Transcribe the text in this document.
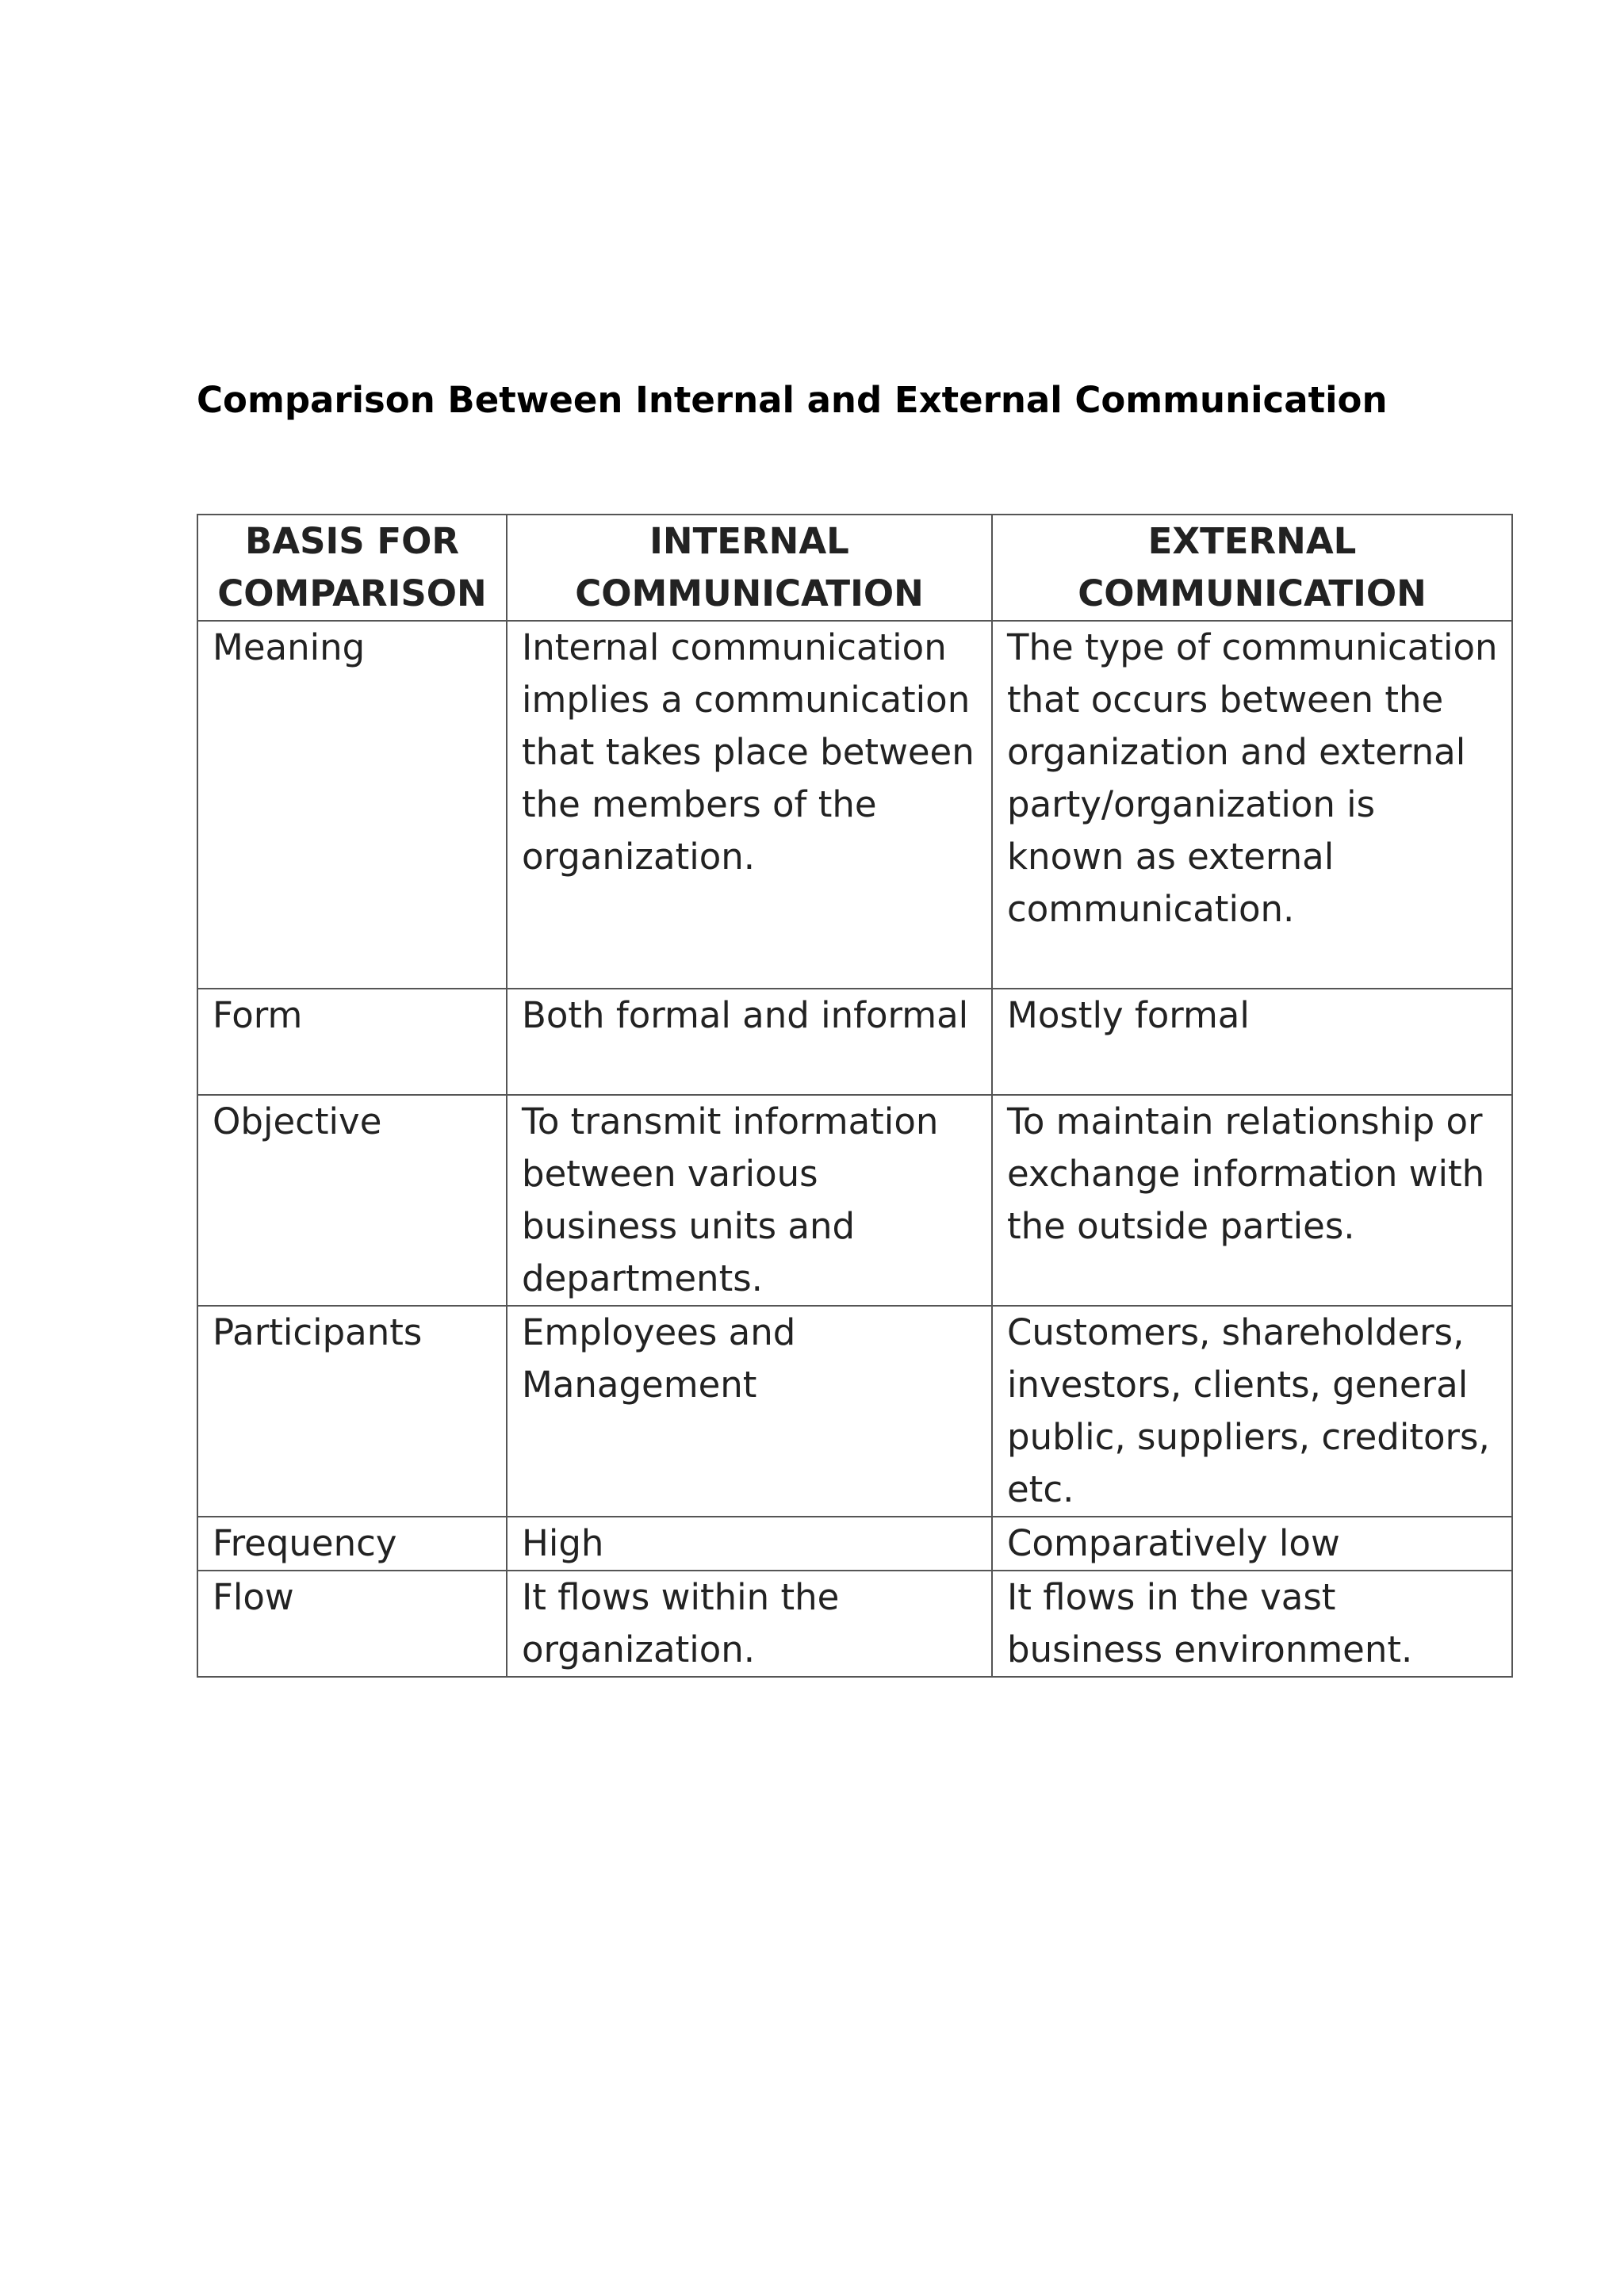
Comparison Between Internal and External Communication
BASIS FOR COMPARISON	INTERNAL COMMUNICATION	EXTERNAL COMMUNICATION
Meaning	Internal communication implies a communication that takes place between the members of the organization.	The type of communication that occurs between the organization and external party/organization is known as external communication.
Form	Both formal and informal	Mostly formal
Objective	To transmit information between various business units and departments.	To maintain relationship or exchange information with the outside parties.
Participants	Employees and Management	Customers, shareholders, investors, clients, general public, suppliers, creditors, etc.
Frequency	High	Comparatively low
Flow	It flows within the organization.	It flows in the vast business environment.
